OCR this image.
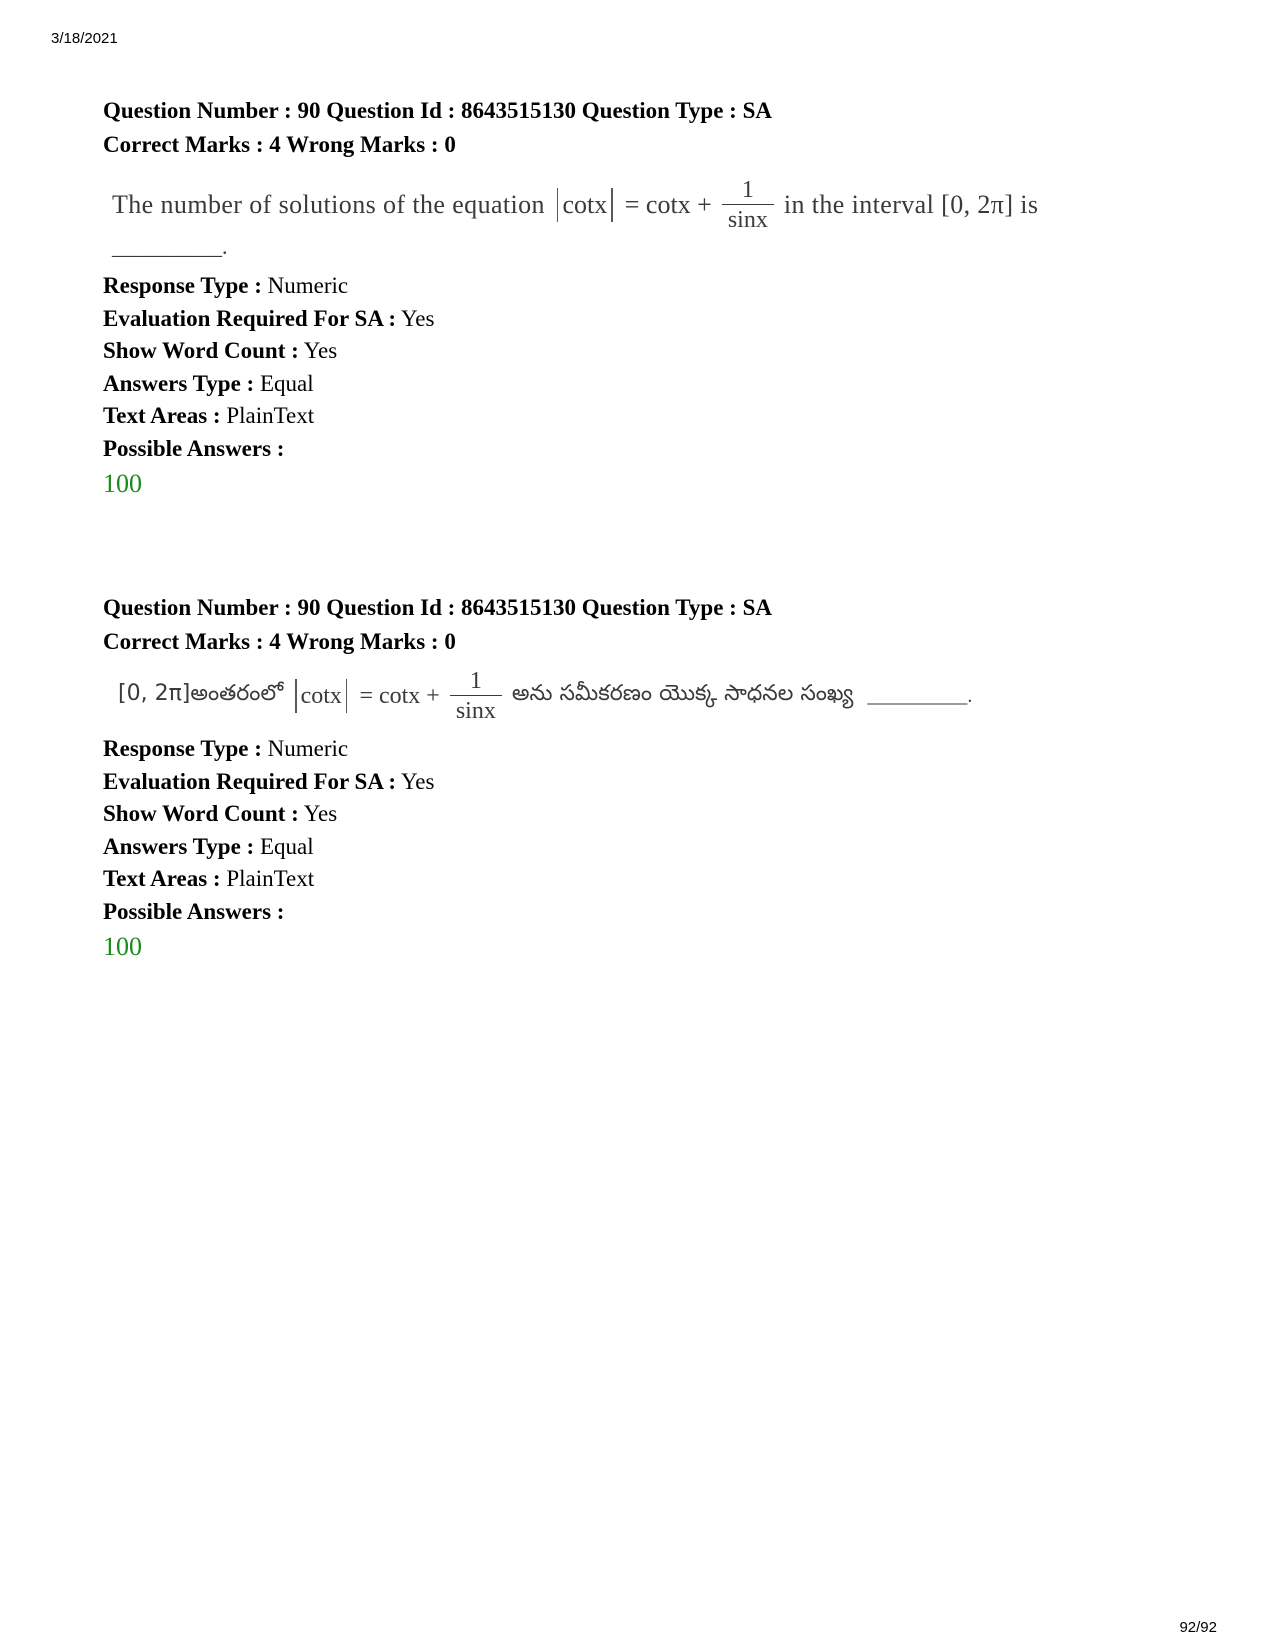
3/18/2021
Question Number : 90 Question Id : 8643515130 Question Type : SA
Correct Marks : 4 Wrong Marks : 0
The number of solutions of the equation $\cot x = \cot x + \frac{1}{\sin x}$ in the interval [0, 2π] is
__________.
Response Type : Numeric
Evaluation Required For SA : Yes
Show Word Count : Yes
Answers Type : Equal
Text Areas : PlainText
Possible Answers :
100
Question Number : 90 Question Id : 8643515130 Question Type : SA
Correct Marks : 4 Wrong Marks : 0
[0, 2π]అంతరంలో $\cot x = \cot x + \frac{1}{\sin x}$ అను సమీకరణం యొక్క సాధనల సంఖ్య __________.
Response Type : Numeric
Evaluation Required For SA : Yes
Show Word Count : Yes
Answers Type : Equal
Text Areas : PlainText
Possible Answers :
100
92/92
